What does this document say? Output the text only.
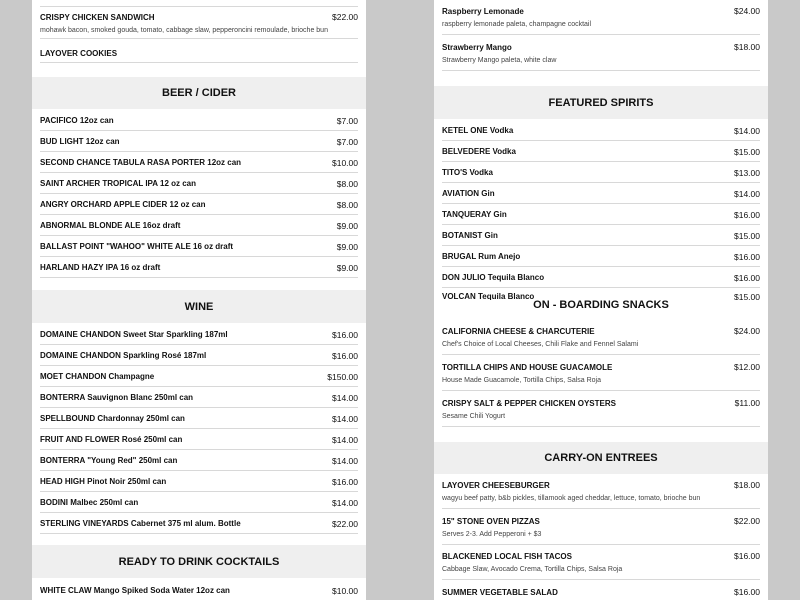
CRISPY CHICKEN SANDWICH	$22.00
mohawk bacon, smoked gouda, tomato, cabbage slaw, pepperoncini remoulade, brioche bun
LAYOVER COOKIES
BEER / CIDER
PACIFICO 12oz can	$7.00
BUD LIGHT 12oz can	$7.00
SECOND CHANCE TABULA RASA PORTER 12oz can	$10.00
SAINT ARCHER TROPICAL IPA 12 oz can	$8.00
ANGRY ORCHARD APPLE CIDER 12 oz can	$8.00
ABNORMAL BLONDE ALE 16oz draft	$9.00
BALLAST POINT "WAHOO" WHITE ALE 16 oz draft	$9.00
HARLAND HAZY IPA 16 oz draft	$9.00
WINE
DOMAINE CHANDON Sweet Star Sparkling 187ml	$16.00
DOMAINE CHANDON Sparkling Rosé 187ml	$16.00
MOET CHANDON Champagne	$150.00
BONTERRA Sauvignon Blanc 250ml can	$14.00
SPELLBOUND Chardonnay 250ml can	$14.00
FRUIT AND FLOWER Rosé 250ml can	$14.00
BONTERRA "Young Red" 250ml can	$14.00
HEAD HIGH Pinot Noir 250ml can	$16.00
BODINI Malbec 250ml can	$14.00
STERLING VINEYARDS Cabernet 375 ml alum. Bottle	$22.00
READY TO DRINK COCKTAILS
WHITE CLAW Mango Spiked Soda Water 12oz can	$10.00
Raspberry Lemonade	$24.00
raspberry lemonade paleta, champagne cocktail
Strawberry Mango	$18.00
Strawberry Mango paleta, white claw
FEATURED SPIRITS
KETEL ONE Vodka	$14.00
BELVEDERE Vodka	$15.00
TITO'S Vodka	$13.00
AVIATION Gin	$14.00
TANQUERAY Gin	$16.00
BOTANIST Gin	$15.00
BRUGAL Rum Anejo	$16.00
DON JULIO Tequila Blanco	$16.00
VOLCAN Tequila Blanco	$15.00
ON - BOARDING SNACKS
CALIFORNIA CHEESE & CHARCUTERIE	$24.00
Chef's Choice of Local Cheeses, Chili Flake and Fennel Salami
TORTILLA CHIPS AND HOUSE GUACAMOLE	$12.00
House Made Guacamole, Tortilla Chips, Salsa Roja
CRISPY SALT & PEPPER CHICKEN OYSTERS	$11.00
Sesame Chili Yogurt
CARRY-ON ENTREES
LAYOVER CHEESEBURGER	$18.00
wagyu beef patty, b&b pickles, tillamook aged cheddar, lettuce, tomato, brioche bun
15" STONE OVEN PIZZAS	$22.00
Serves 2-3. Add Pepperoni + $3
BLACKENED LOCAL FISH TACOS	$16.00
Cabbage Slaw, Avocado Crema, Tortilla Chips, Salsa Roja
SUMMER VEGETABLE SALAD	$16.00
